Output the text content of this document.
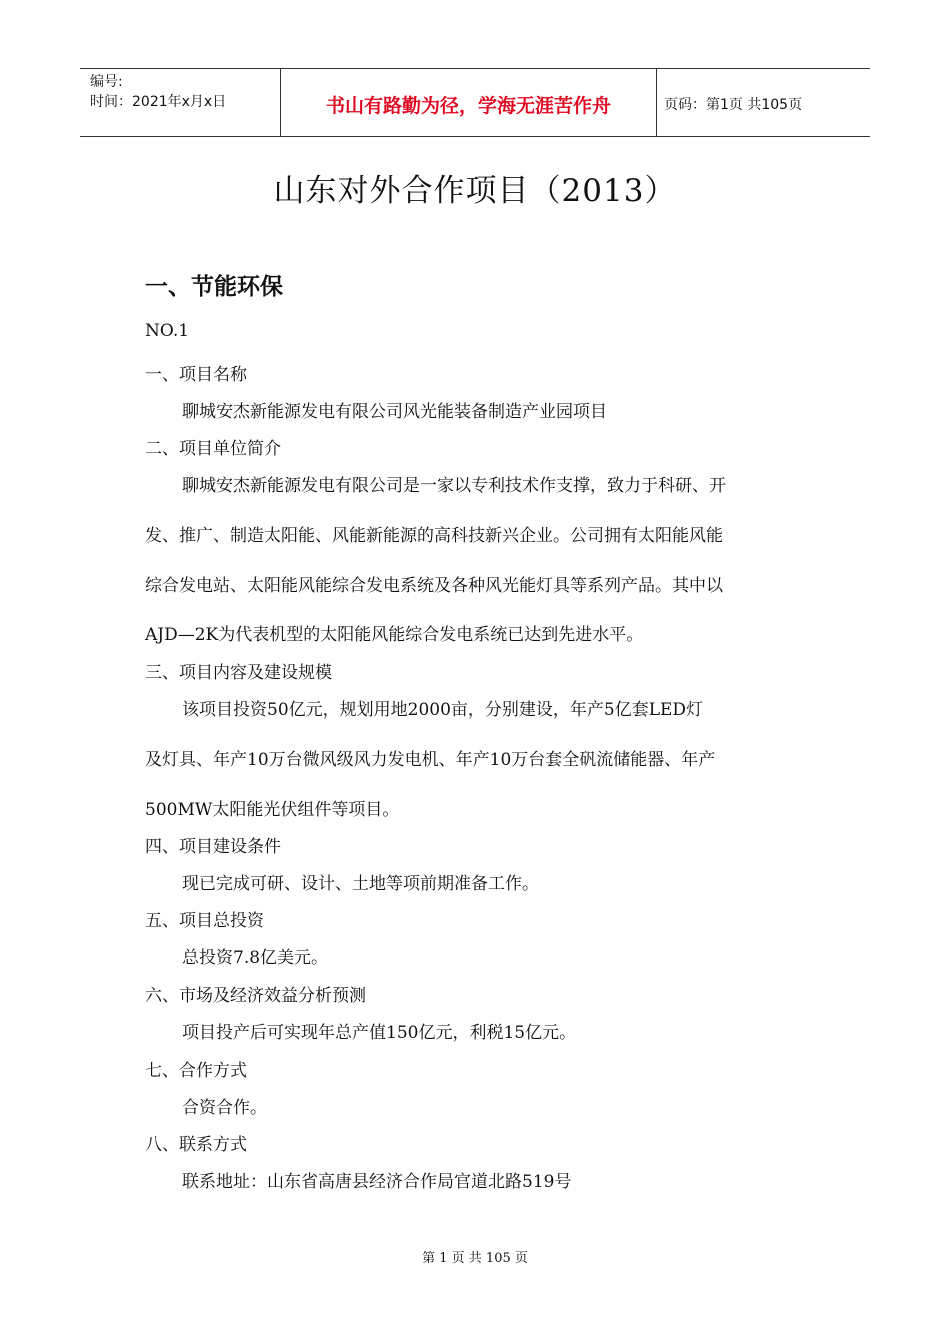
编号:
时间：2021年x月x日	书山有路勤为径，学海无涯苦作舟	页码：第1页 共105页
山东对外合作项目（2013）
一、节能环保
NO.1
一、项目名称
聊城安杰新能源发电有限公司风光能装备制造产业园项目
二、项目单位简介
聊城安杰新能源发电有限公司是一家以专利技术作支撑，致力于科研、开
发、推广、制造太阳能、风能新能源的高科技新兴企业。公司拥有太阳能风能
综合发电站、太阳能风能综合发电系统及各种风光能灯具等系列产品。其中以
AJD—2K为代表机型的太阳能风能综合发电系统已达到先进水平。
三、项目内容及建设规模
该项目投资50亿元，规划用地2000亩，分别建设，年产5亿套LED灯
及灯具、年产10万台微风级风力发电机、年产10万台套全矾流储能器、年产
500MW太阳能光伏组件等项目。
四、项目建设条件
现已完成可研、设计、土地等项前期准备工作。
五、项目总投资
总投资7.8亿美元。
六、市场及经济效益分析预测
项目投产后可实现年总产值150亿元，利税15亿元。
七、合作方式
合资合作。
八、联系方式
联系地址：山东省高唐县经济合作局官道北路519号
第 1 页 共 105 页
